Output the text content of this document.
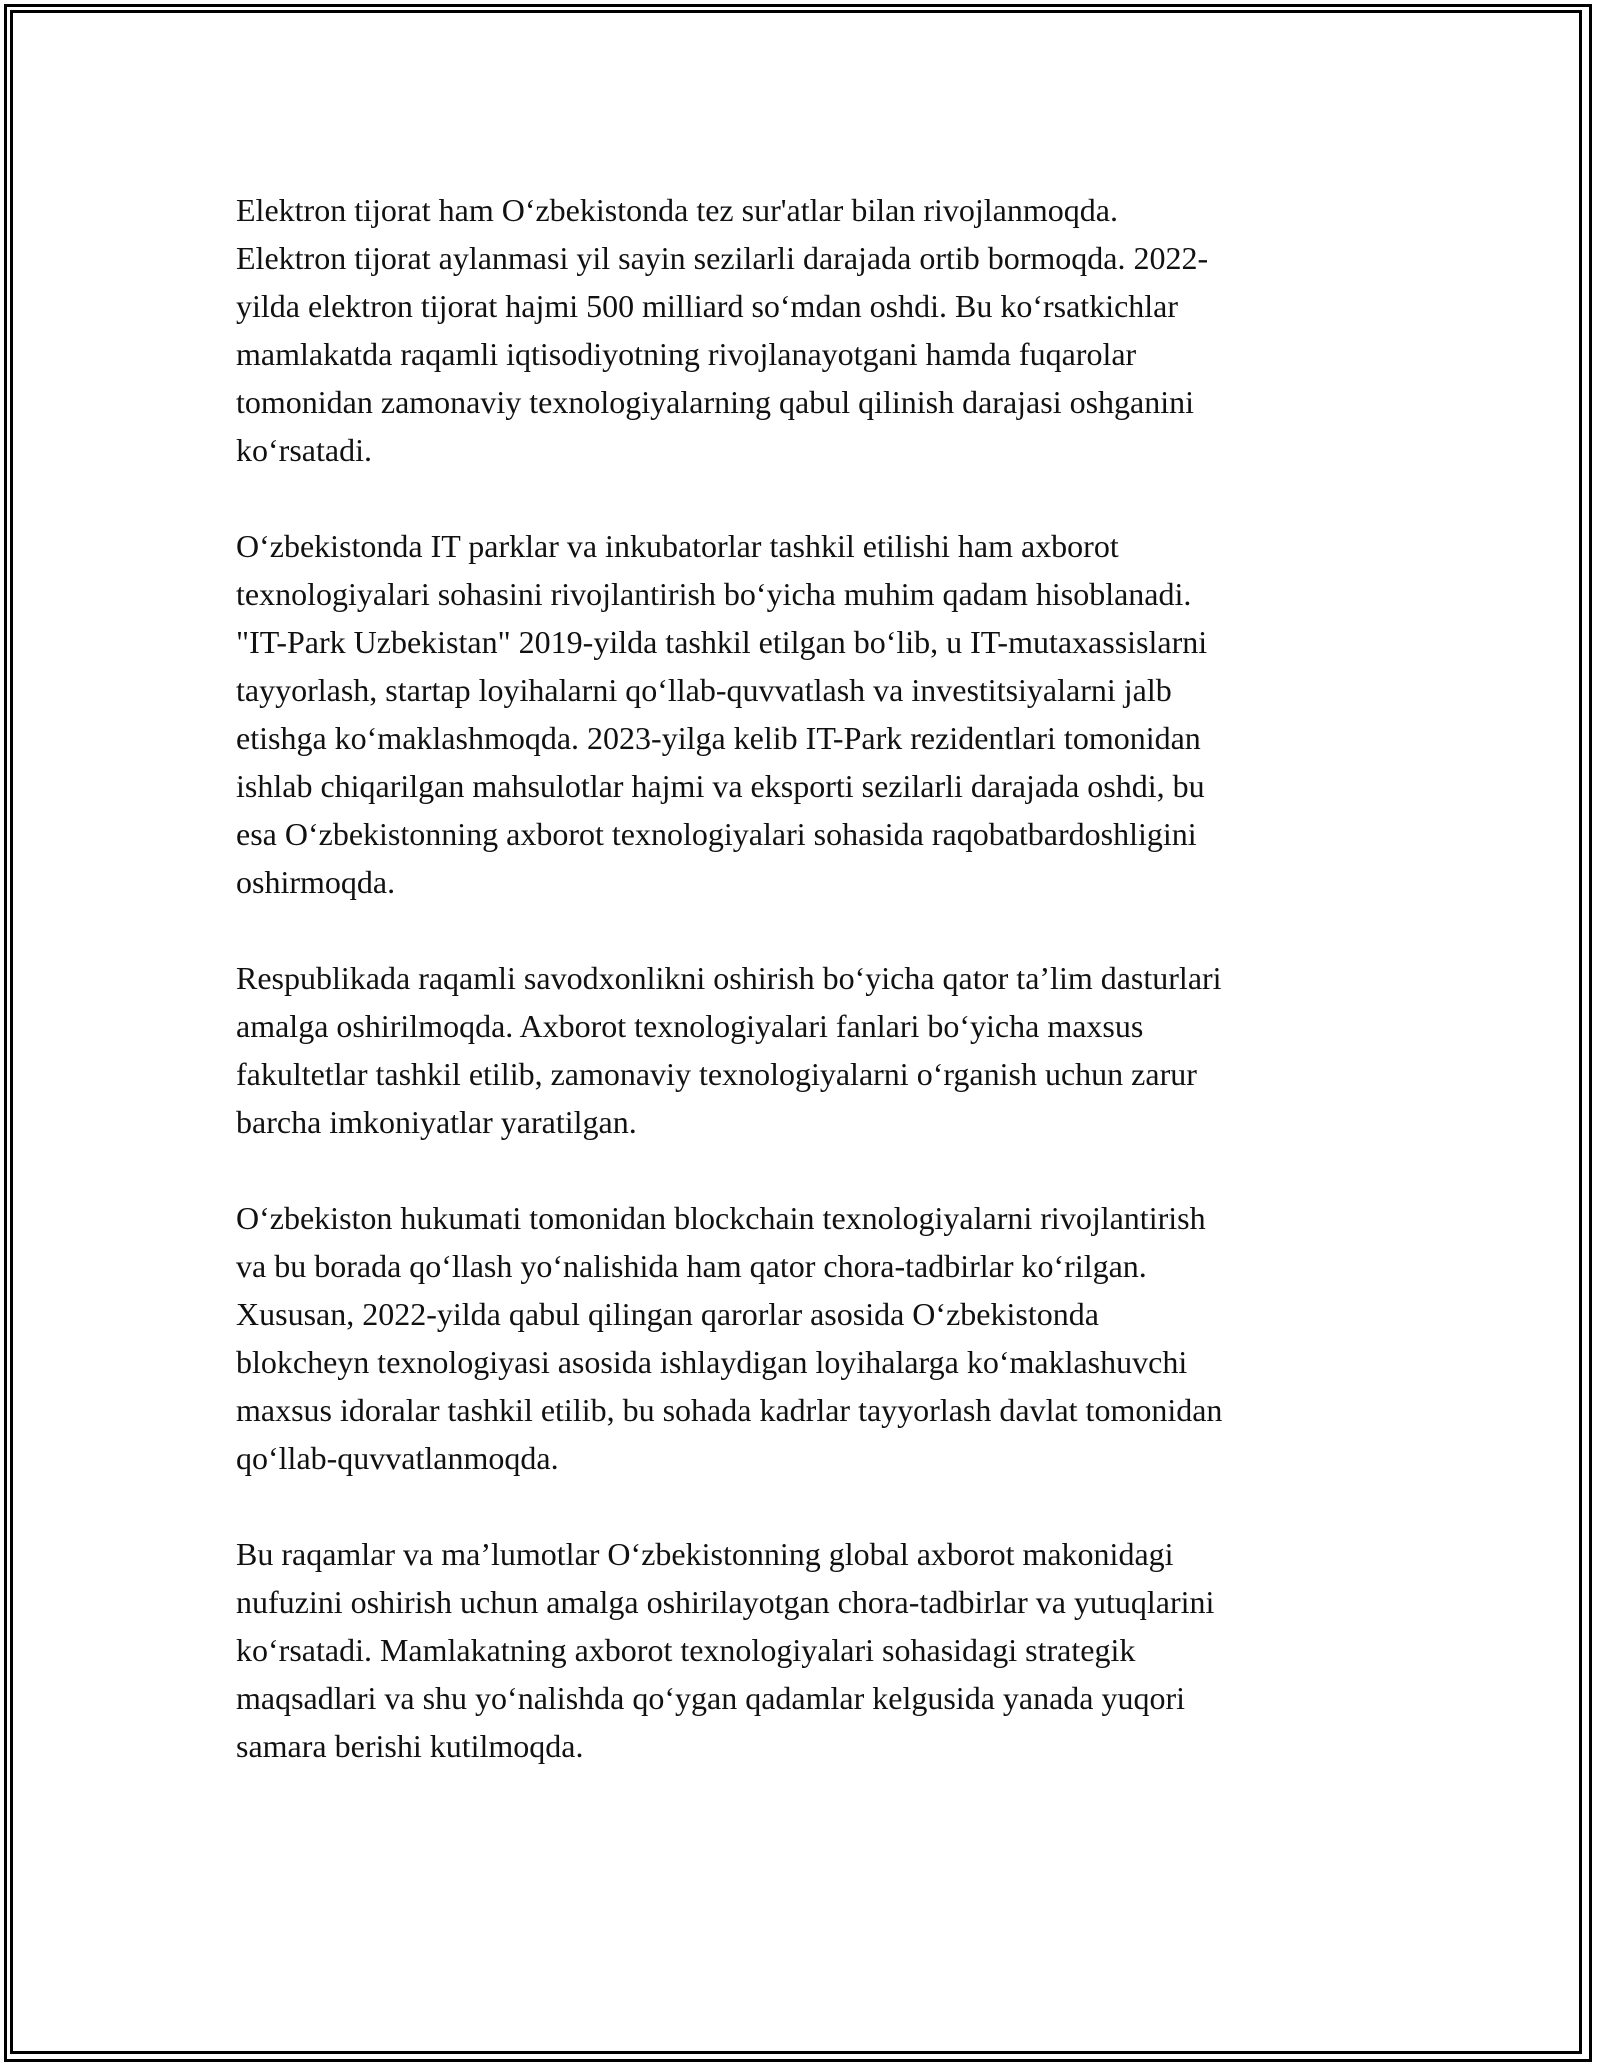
Elektron tijorat ham O‘zbekistonda tez sur'atlar bilan rivojlanmoqda.
Elektron tijorat aylanmasi yil sayin sezilarli darajada ortib bormoqda. 2022-
yilda elektron tijorat hajmi 500 milliard so‘mdan oshdi. Bu ko‘rsatkichlar
mamlakatda raqamli iqtisodiyotning rivojlanayotgani hamda fuqarolar
tomonidan zamonaviy texnologiyalarning qabul qilinish darajasi oshganini
ko‘rsatadi.

O‘zbekistonda IT parklar va inkubatorlar tashkil etilishi ham axborot
texnologiyalari sohasini rivojlantirish bo‘yicha muhim qadam hisoblanadi.
"IT-Park Uzbekistan" 2019-yilda tashkil etilgan bo‘lib, u IT-mutaxassislarni
tayyorlash, startap loyihalarni qo‘llab-quvvatlash va investitsiyalarni jalb
etishga ko‘maklashmoqda. 2023-yilga kelib IT-Park rezidentlari tomonidan
ishlab chiqarilgan mahsulotlar hajmi va eksporti sezilarli darajada oshdi, bu
esa O‘zbekistonning axborot texnologiyalari sohasida raqobatbardoshligini
oshirmoqda.

Respublikada raqamli savodxonlikni oshirish bo‘yicha qator ta’lim dasturlari
amalga oshirilmoqda. Axborot texnologiyalari fanlari bo‘yicha maxsus
fakultetlar tashkil etilib, zamonaviy texnologiyalarni o‘rganish uchun zarur
barcha imkoniyatlar yaratilgan.

O‘zbekiston hukumati tomonidan blockchain texnologiyalarni rivojlantirish
va bu borada qo‘llash yo‘nalishida ham qator chora-tadbirlar ko‘rilgan.
Xususan, 2022-yilda qabul qilingan qarorlar asosida O‘zbekistonda
blokcheyn texnologiyasi asosida ishlaydigan loyihalarga ko‘maklashuvchi
maxsus idoralar tashkil etilib, bu sohada kadrlar tayyorlash davlat tomonidan
qo‘llab-quvvatlanmoqda.

Bu raqamlar va ma’lumotlar O‘zbekistonning global axborot makonidagi
nufuzini oshirish uchun amalga oshirilayotgan chora-tadbirlar va yutuqlarini
ko‘rsatadi. Mamlakatning axborot texnologiyalari sohasidagi strategik
maqsadlari va shu yo‘nalishda qo‘ygan qadamlar kelgusida yanada yuqori
samara berishi kutilmoqda.
